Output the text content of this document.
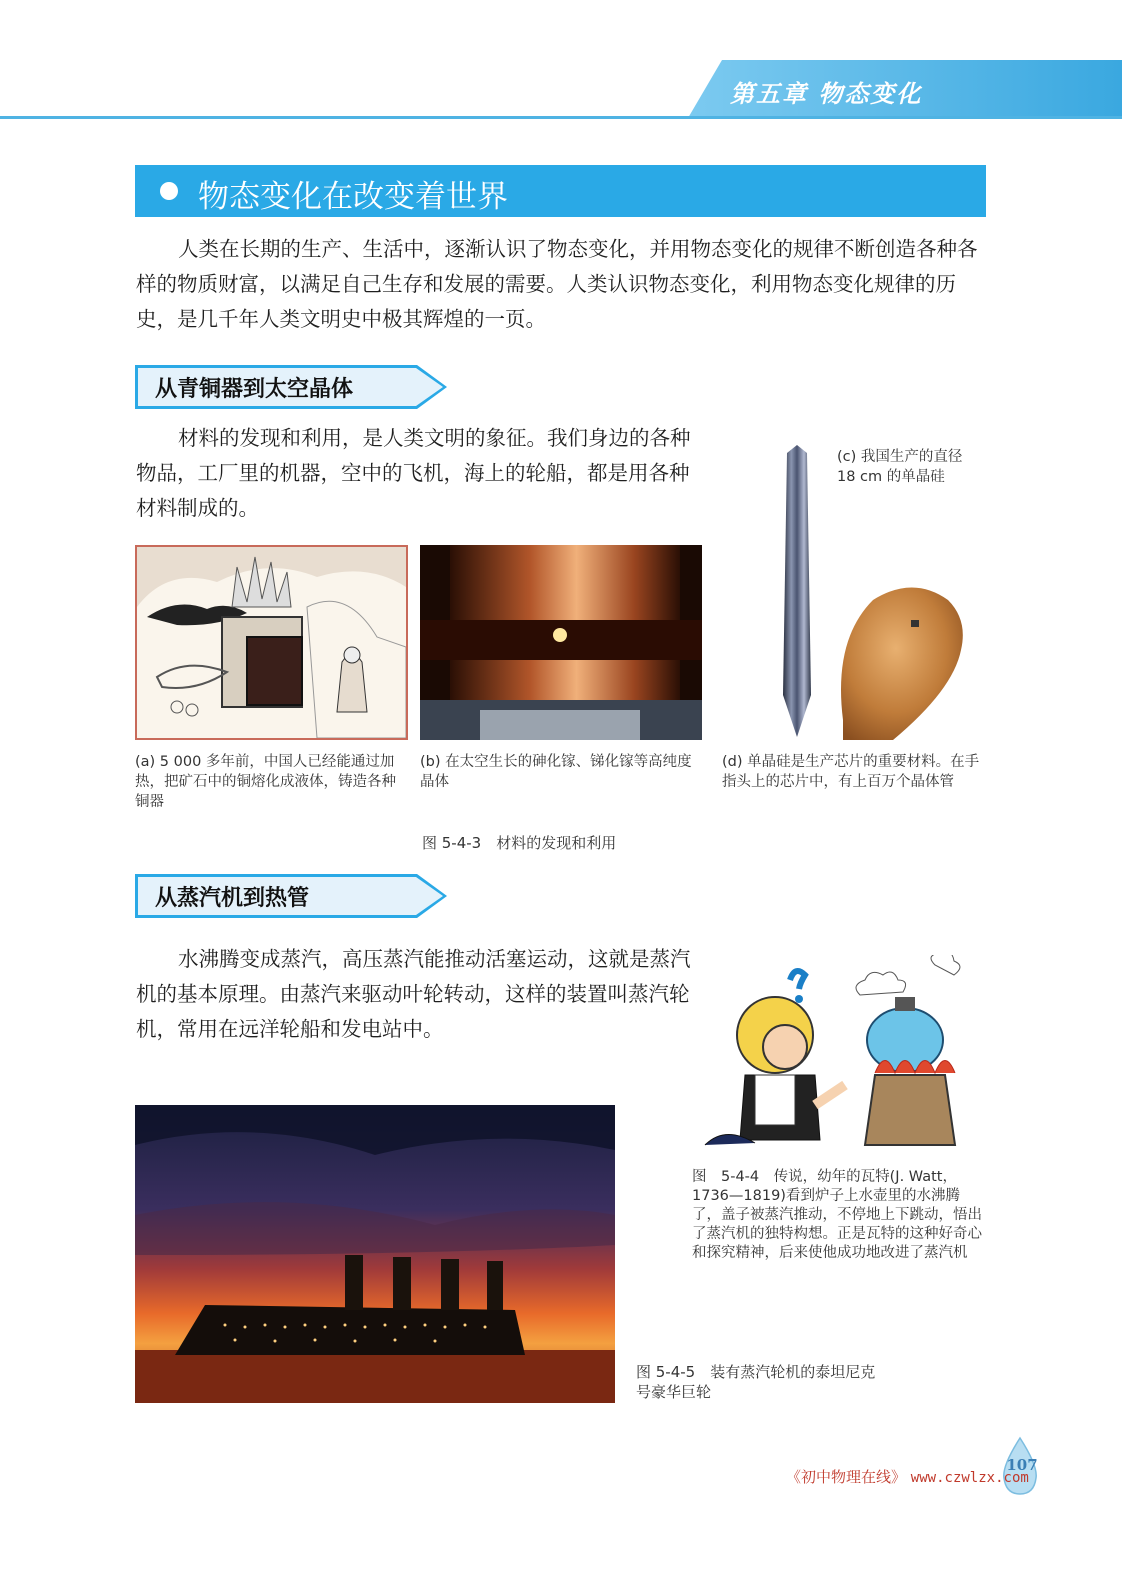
第五章 物态变化
物态变化在改变着世界

人类在长期的生产、生活中，逐渐认识了物态变化，并用物态变化的规律不断创造各种各样的物质财富，以满足自己生存和发展的需要。人类认识物态变化，利用物态变化规律的历史，是几千年人类文明史中极其辉煌的一页。

从青铜器到太空晶体

材料的发现和利用，是人类文明的象征。我们身边的各种物品，工厂里的机器，空中的飞机，海上的轮船，都是用各种材料制成的。

(c) 我国生产的直径18 cm 的单晶硅
(a) 5 000 多年前，中国人已经能通过加热，把矿石中的铜熔化成液体，铸造各种铜器
(b) 在太空生长的砷化镓、锑化镓等高纯度晶体
(d) 单晶硅是生产芯片的重要材料。在手指头上的芯片中，有上百万个晶体管
图 5-4-3　材料的发现和利用
从蒸汽机到热管

水沸腾变成蒸汽，高压蒸汽能推动活塞运动，这就是蒸汽机的基本原理。由蒸汽来驱动叶轮转动，这样的装置叫蒸汽轮机，常用在远洋轮船和发电站中。

图　5-4-4　传说，幼年的瓦特(J. Watt，1736—1819)看到炉子上水壶里的水沸腾了，盖子被蒸汽推动，不停地上下跳动，悟出了蒸汽机的独特构想。正是瓦特的这种好奇心和探究精神，后来使他成功地改进了蒸汽机
图 5-4-5　装有蒸汽轮机的泰坦尼克号豪华巨轮
107
《初中物理在线》 www.czwlzx.com
